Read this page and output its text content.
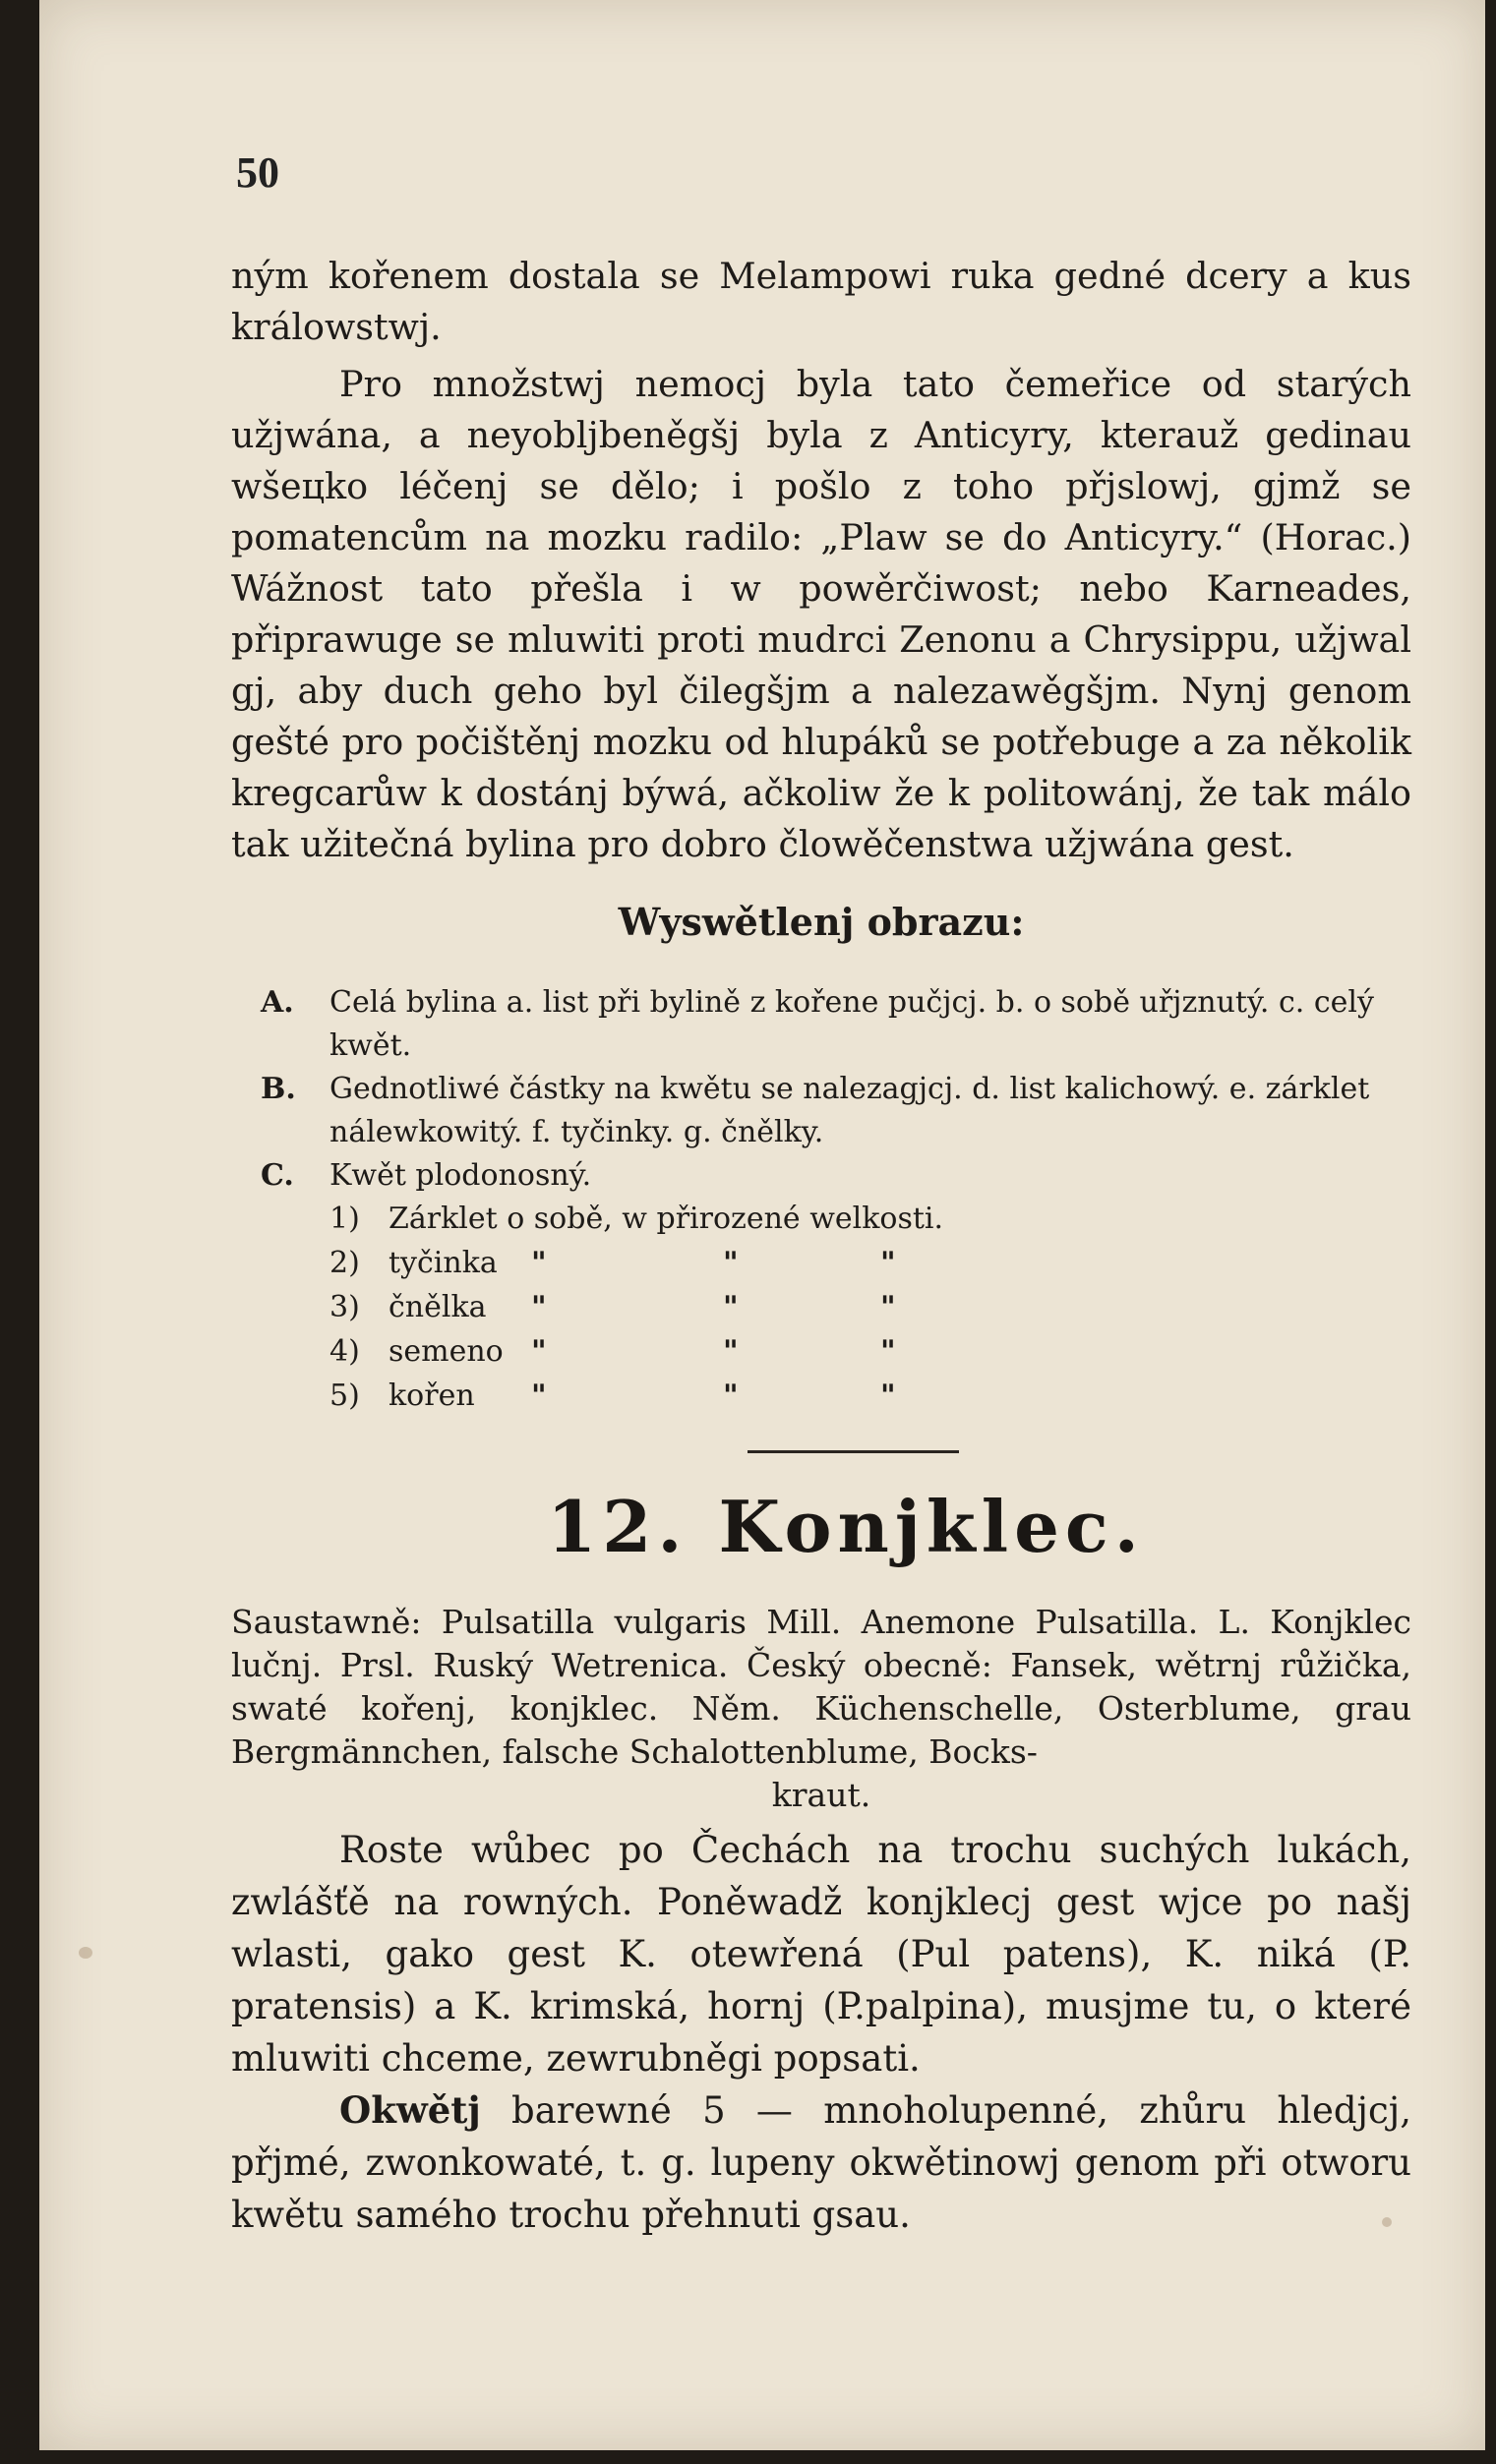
50

ným kořenem dostala se Melampowi ruka gedné dcery a kus králowstwj.

Pro množstwj nemocj byla tato čemeřice od starých užjwána, a neyoblјbeněgšj byla z Anticyry, kterauž gedinau wšeцko léčenj se dělo; i pošlo z toho přjslowj, gjmž se pomatencům na mozku radilo: „Plaw se do Anticyry.“ (Horac.) Wážnost tato přešla i w powěrčiwost; nebo Karneades, připrawuge se mluwiti proti mudrci Zenonu a Chrysippu, užjwal gj, aby duch geho byl čilegšjm a nalezawěgšjm. Nynj genom gešté pro počištěnj mozku od hlupáků se potřebuge a za několik kregcarůw k dostánj býwá, ačkoliw že k politowánj, že tak málo tak užitečná bylina pro dobro člowěčenstwa užjwána gest.

Wyswětlenj obrazu:
A. Celá bylina a. list při bylině z kořene pučjcj. b. o sobě uřjznutý. c. celý kwět.
B. Gednotliwé částky na kwětu se nalezagjcj. d. list kalichowý. e. zárklet nálewkowitý. f. tyčinky. g. čnělky.
C. Kwět plodonosný.
1) Zárklet o sobě, w přirozené welkosti.
2) tyčinka "	"	"
3) čnělka "	"	"
4) semeno "	"	"
5) kořen "	"	"
12. Konjklec.
Saustawně: Pulsatilla vulgaris Mill. Anemone Pulsatilla. L. Konjklec lučnj. Prsl. Ruský Wetrenica. Český obecně: Fansek, wětrnj růžička, swaté kořenj, konjklec. Něm. Küchenschelle, Osterblume, grau Bergmännchen, falsche Schalottenblume, Bocks-
kraut.

Roste wůbec po Čechách na trochu suchých lukách, zwlášťě na rowných. Poněwadž konjklecj gest wjce po našj wlasti, gako gest K. otewřená (Pul patens), K. niká (P. pratensis) a K. krimská, hornj (P.palpina), musjme tu, o které mluwiti chceme, zewrubněgi popsati.

Okwětj barewné 5 — mnoholupenné, zhůru hledjcj, přjmé, zwonkowaté, t. g. lupeny okwětinowj genom při otworu kwětu samého trochu přehnuti gsau.
